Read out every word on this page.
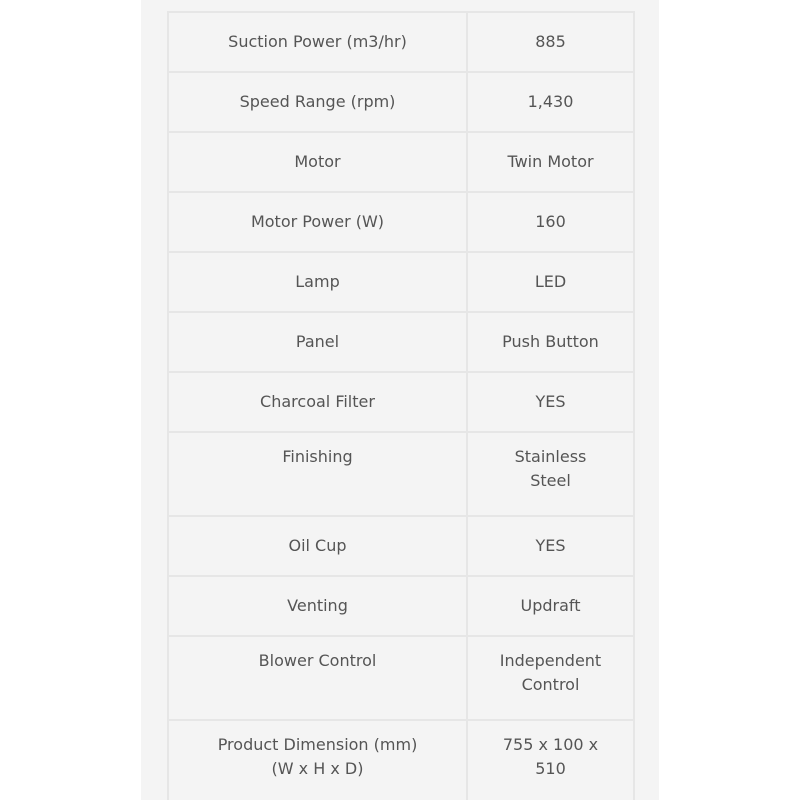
Suction Power (m3/hr)	885
Speed Range (rpm)	1,430
Motor	Twin Motor
Motor Power (W)	160
Lamp	LED
Panel	Push Button
Charcoal Filter	YES
Finishing	Stainless
Steel
Oil Cup	YES
Venting	Updraft
Blower Control	Independent
Control
Product Dimension (mm)
(W x H x D)	755 x 100 x
510
